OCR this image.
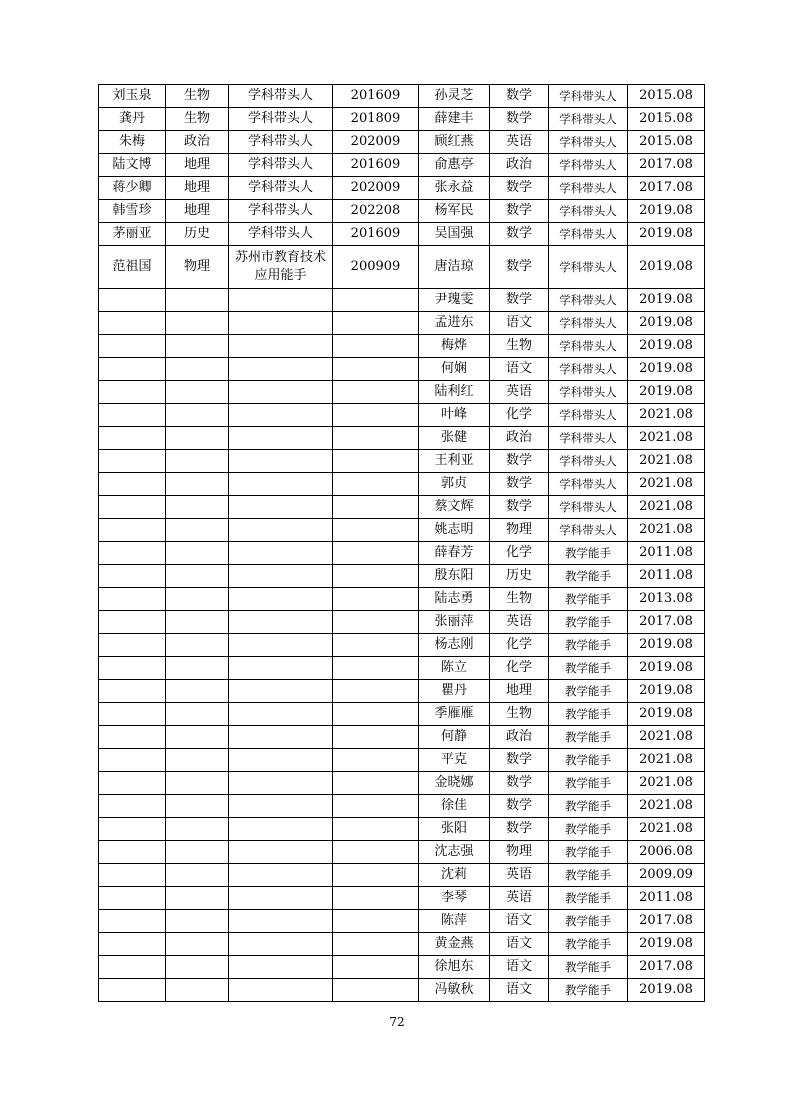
刘玉泉	生物	学科带头人	201609	孙灵芝	数学	学科带头人	2015.08
龚丹	生物	学科带头人	201809	薛建丰	数学	学科带头人	2015.08
朱梅	政治	学科带头人	202009	顾红燕	英语	学科带头人	2015.08
陆文博	地理	学科带头人	201609	俞惠亭	政治	学科带头人	2017.08
蒋少卿	地理	学科带头人	202009	张永益	数学	学科带头人	2017.08
韩雪珍	地理	学科带头人	202208	杨军民	数学	学科带头人	2019.08
茅丽亚	历史	学科带头人	201609	吴国强	数学	学科带头人	2019.08
范祖国	物理	苏州市教育技术应用能手	200909	唐洁琼	数学	学科带头人	2019.08
				尹瑰雯	数学	学科带头人	2019.08
				孟进东	语文	学科带头人	2019.08
				梅烨	生物	学科带头人	2019.08
				何娴	语文	学科带头人	2019.08
				陆利红	英语	学科带头人	2019.08
				叶峰	化学	学科带头人	2021.08
				张健	政治	学科带头人	2021.08
				王利亚	数学	学科带头人	2021.08
				郭贞	数学	学科带头人	2021.08
				蔡文辉	数学	学科带头人	2021.08
				姚志明	物理	学科带头人	2021.08
				薛春芳	化学	教学能手	2011.08
				殷东阳	历史	教学能手	2011.08
				陆志勇	生物	教学能手	2013.08
				张丽萍	英语	教学能手	2017.08
				杨志刚	化学	教学能手	2019.08
				陈立	化学	教学能手	2019.08
				瞿丹	地理	教学能手	2019.08
				季雁雁	生物	教学能手	2019.08
				何静	政治	教学能手	2021.08
				平克	数学	教学能手	2021.08
				金晓娜	数学	教学能手	2021.08
				徐佳	数学	教学能手	2021.08
				张阳	数学	教学能手	2021.08
				沈志强	物理	教学能手	2006.08
				沈莉	英语	教学能手	2009.09
				李琴	英语	教学能手	2011.08
				陈萍	语文	教学能手	2017.08
				黄金燕	语文	教学能手	2019.08
				徐旭东	语文	教学能手	2017.08
				冯敏秋	语文	教学能手	2019.08
72
